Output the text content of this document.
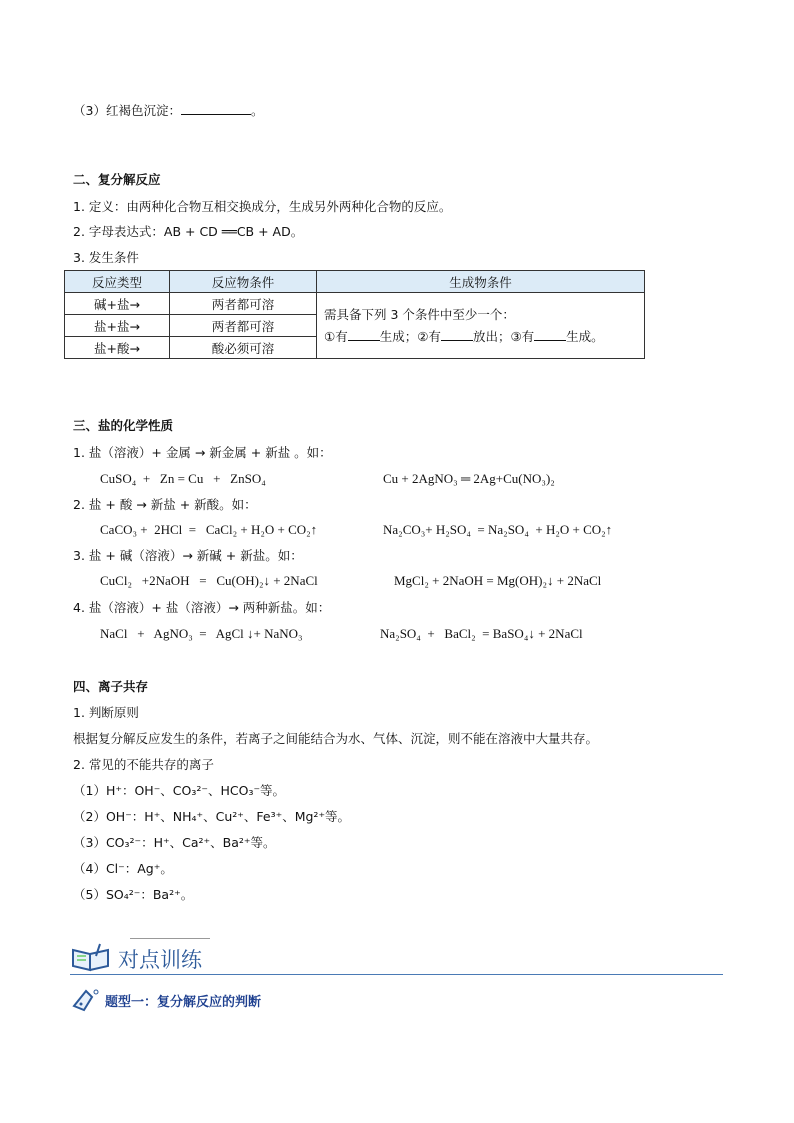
（3）红褐色沉淀：	。
二、复分解反应
1. 定义：由两种化合物互相交换成分，生成另外两种化合物的反应。
2. 字母表达式：AB + CD ══CB + AD。
3. 发生条件
反应类型	反应物条件	生成物条件
碱+盐→	两者都可溶	需具备下列 3 个条件中至少一个：
①有 生成；②有 放出；③有 生成。

盐+盐→	两者都可溶	
盐+酸→	酸必须可溶	
三、盐的化学性质
1. 盐（溶液）+ 金属 → 新金属 + 新盐 。如：
CuSO₄  +   Zn = Cu   +   ZnSO₄	Cu + 2AgNO₃ ═ 2Ag+Cu(NO₃)₂
2. 盐 + 酸 → 新盐 + 新酸。如：
CaCO₃ +  2HCl  =   CaCl₂ + H₂O + CO₂↑	Na₂CO₃+ H₂SO₄  = Na₂SO₄  + H₂O + CO₂↑
3. 盐 + 碱（溶液）→ 新碱 + 新盐。如：
CuCl₂   +2NaOH   =   Cu(OH)₂↓ + 2NaCl	MgCl₂ + 2NaOH = Mg(OH)₂↓ + 2NaCl
4. 盐（溶液）+ 盐（溶液）→ 两种新盐。如：
NaCl   +   AgNO₃  =   AgCl ↓+ NaNO₃	Na₂SO₄  +   BaCl₂  = BaSO₄↓ + 2NaCl
四、离子共存
1. 判断原则
根据复分解反应发生的条件，若离子之间能结合为水、气体、沉淀，则不能在溶液中大量共存。
2. 常见的不能共存的离子
（1）H⁺：OH⁻、CO₃²⁻、HCO₃⁻等。
（2）OH⁻：H⁺、NH₄⁺、Cu²⁺、Fe³⁺、Mg²⁺等。
（3）CO₃²⁻：H⁺、Ca²⁺、Ba²⁺等。
（4）Cl⁻：Ag⁺。
（5）SO₄²⁻：Ba²⁺。
对点训练
题型一：复分解反应的判断
